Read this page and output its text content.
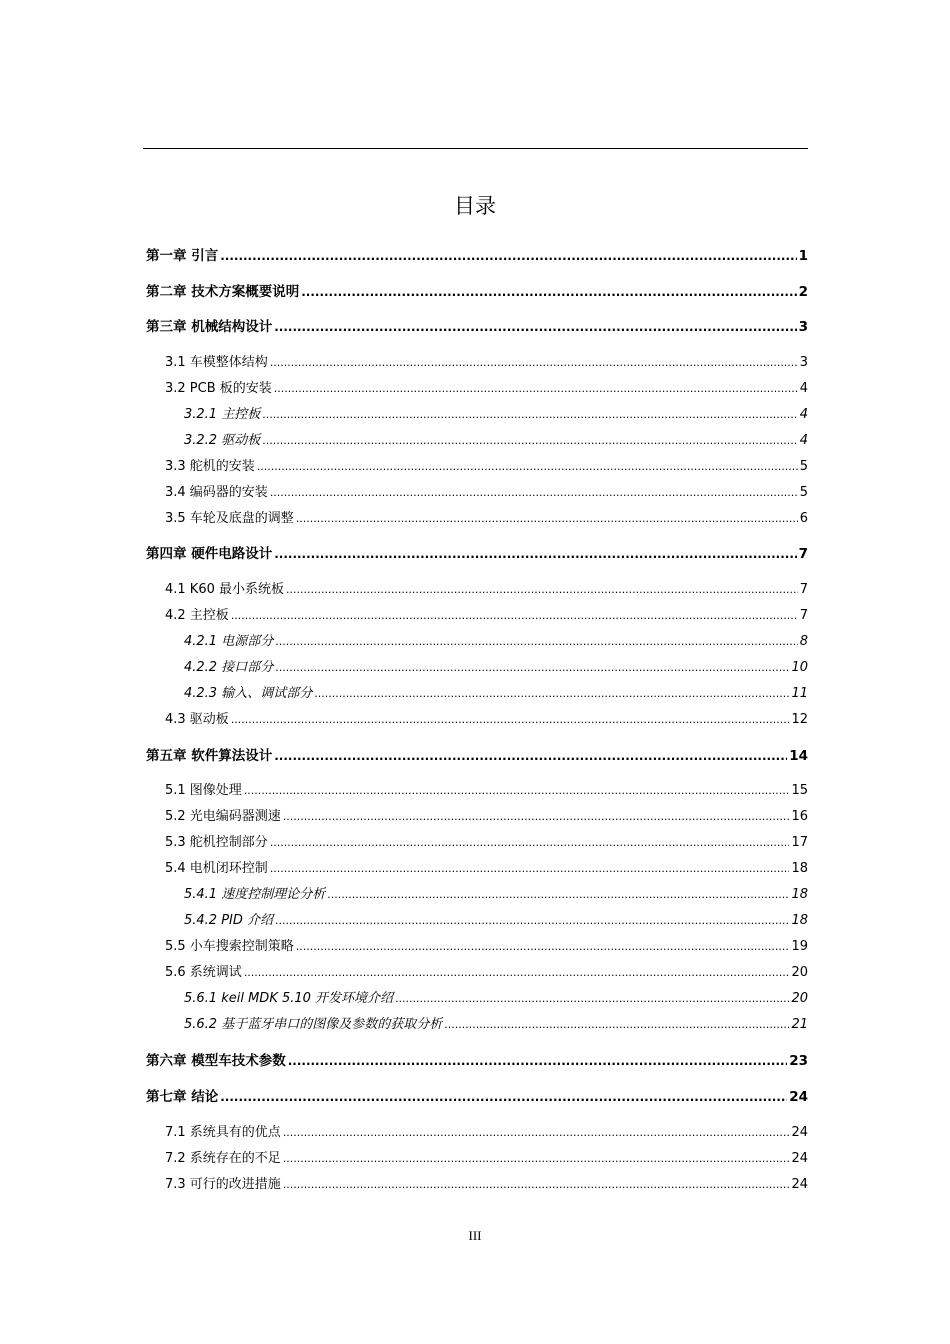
目录
第一章 引言 .....	1
第二章 技术方案概要说明 .....	2
第三章 机械结构设计 .....	3
3.1 车模整体结构 .....	3
3.2 PCB 板的安装 .....	4
3.2.1 主控板 .....	4
3.2.2 驱动板 .....	4
3.3 舵机的安装 .....	5
3.4 编码器的安装 .....	5
3.5 车轮及底盘的调整 .....	6
第四章 硬件电路设计 .....	7
4.1 K60 最小系统板 .....	7
4.2 主控板 .....	7
4.2.1 电源部分 .....	8
4.2.2 接口部分 .....	10
4.2.3 输入、调试部分 .....	11
4.3 驱动板 .....	12
第五章 软件算法设计 .....	14
5.1 图像处理 .....	15
5.2 光电编码器测速 .....	16
5.3 舵机控制部分 .....	17
5.4 电机闭环控制 .....	18
5.4.1 速度控制理论分析 .....	18
5.4.2 PID 介绍 .....	18
5.5 小车搜索控制策略 .....	19
5.6 系统调试 .....	20
5.6.1 keil MDK 5.10 开发环境介绍 .....	20
5.6.2 基于蓝牙串口的图像及参数的获取分析 .....	21
第六章 模型车技术参数 .....	23
第七章 结论 .....	24
7.1 系统具有的优点 .....	24
7.2 系统存在的不足 .....	24
7.3 可行的改进措施 .....	24
III
